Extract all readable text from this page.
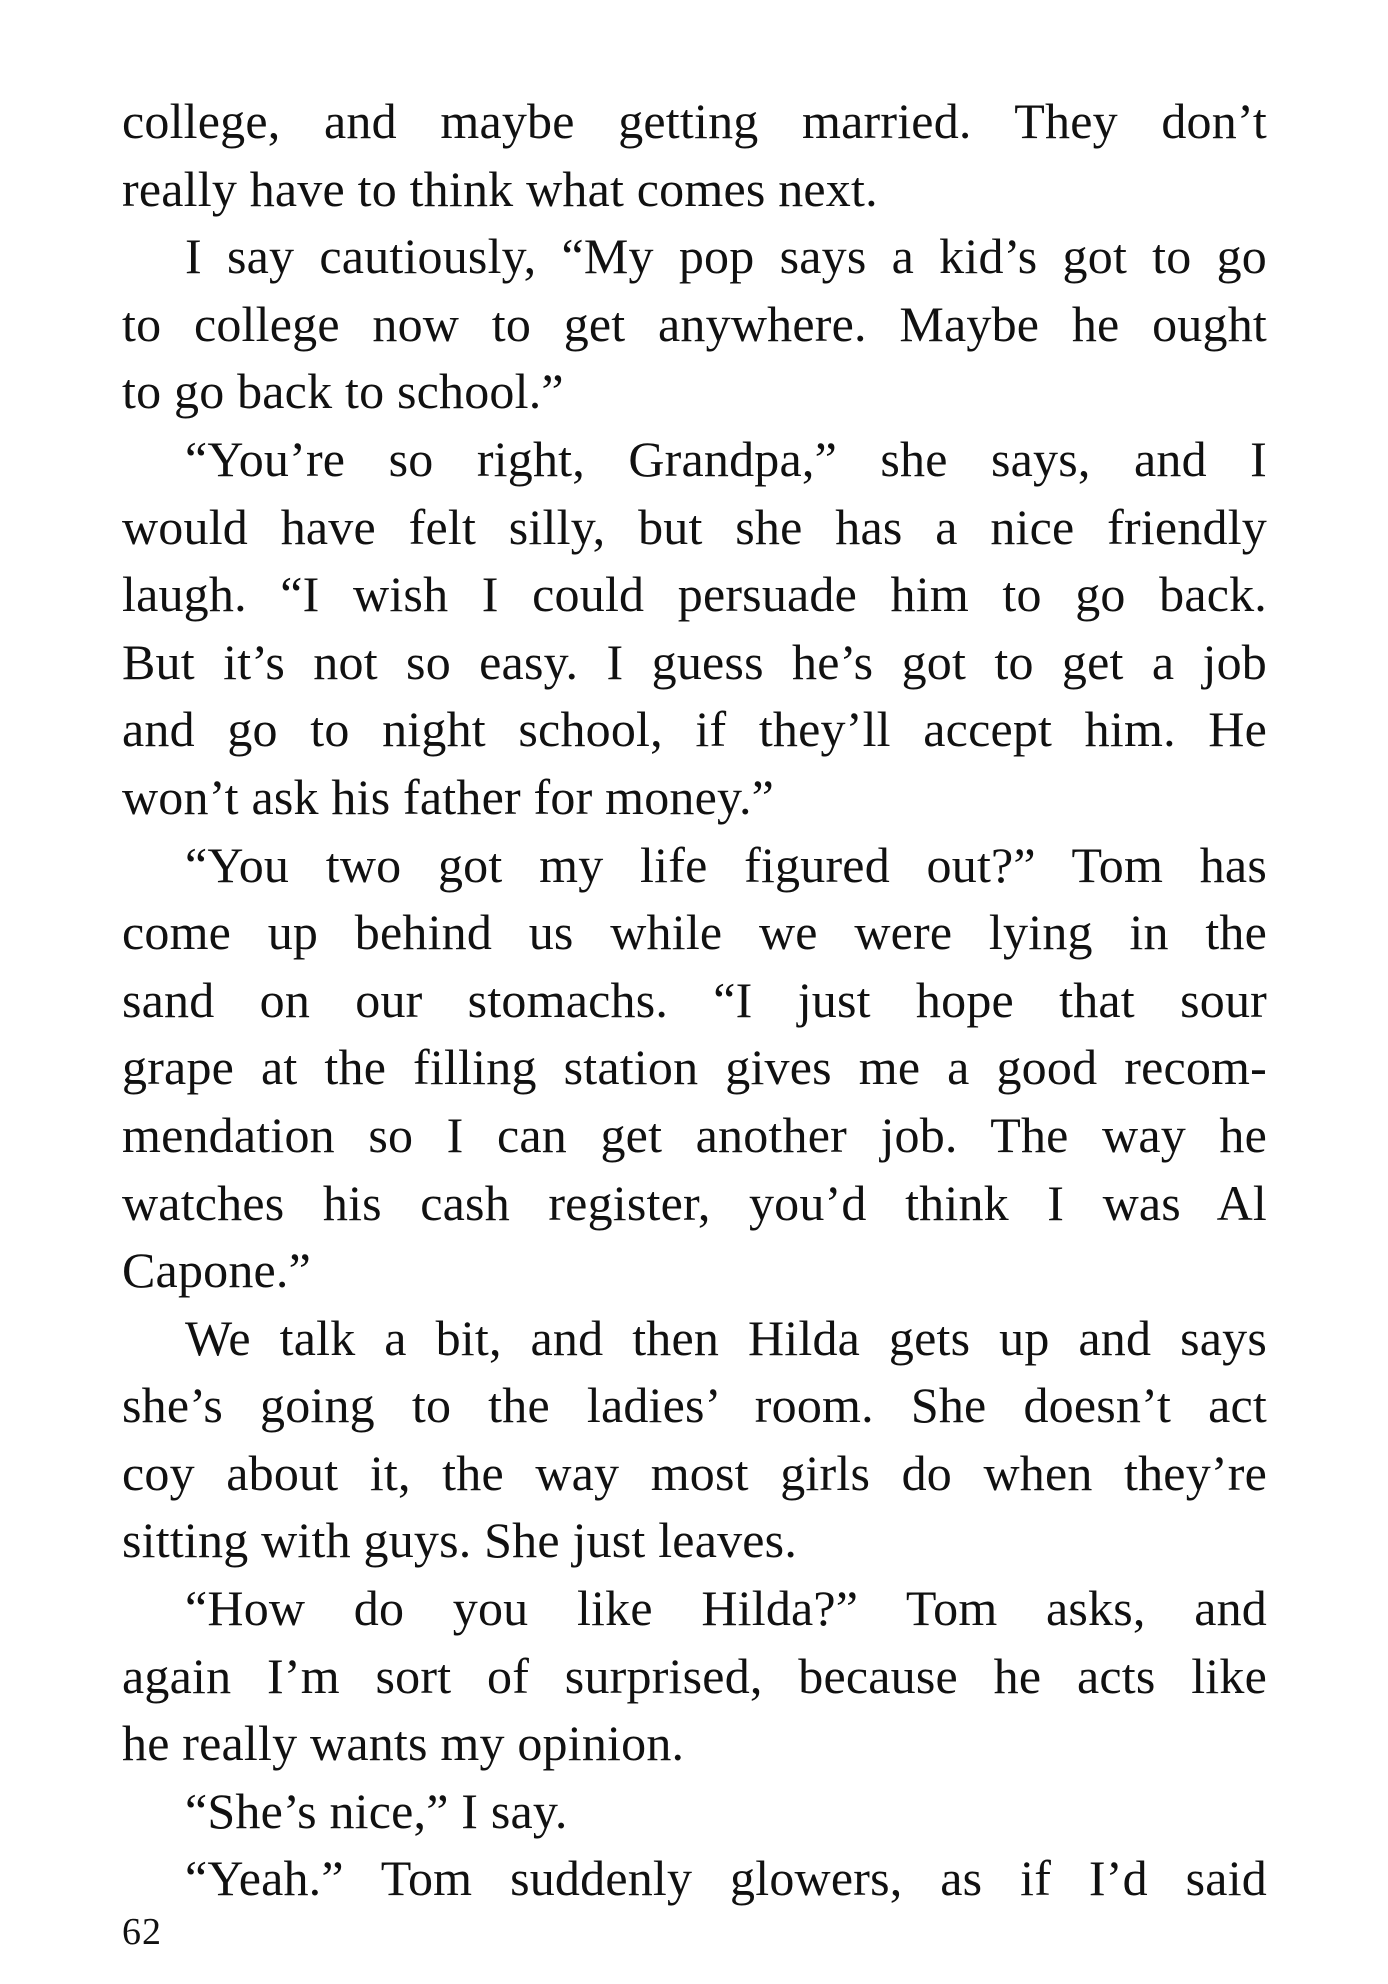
college, and maybe getting married. They don’t
really have to think what comes next.
I say cautiously, “My pop says a kid’s got to go
to college now to get anywhere. Maybe he ought
to go back to school.”
“You’re so right, Grandpa,” she says, and I
would have felt silly, but she has a nice friendly
laugh. “I wish I could persuade him to go back.
But it’s not so easy. I guess he’s got to get a job
and go to night school, if they’ll accept him. He
won’t ask his father for money.”
“You two got my life figured out?” Tom has
come up behind us while we were lying in the
sand on our stomachs. “I just hope that sour
grape at the filling station gives me a good recom-
mendation so I can get another job. The way he
watches his cash register, you’d think I was Al
Capone.”
We talk a bit, and then Hilda gets up and says
she’s going to the ladies’ room. She doesn’t act
coy about it, the way most girls do when they’re
sitting with guys. She just leaves.
“How do you like Hilda?” Tom asks, and
again I’m sort of surprised, because he acts like
he really wants my opinion.
“She’s nice,” I say.
“Yeah.” Tom suddenly glowers, as if I’d said
62
